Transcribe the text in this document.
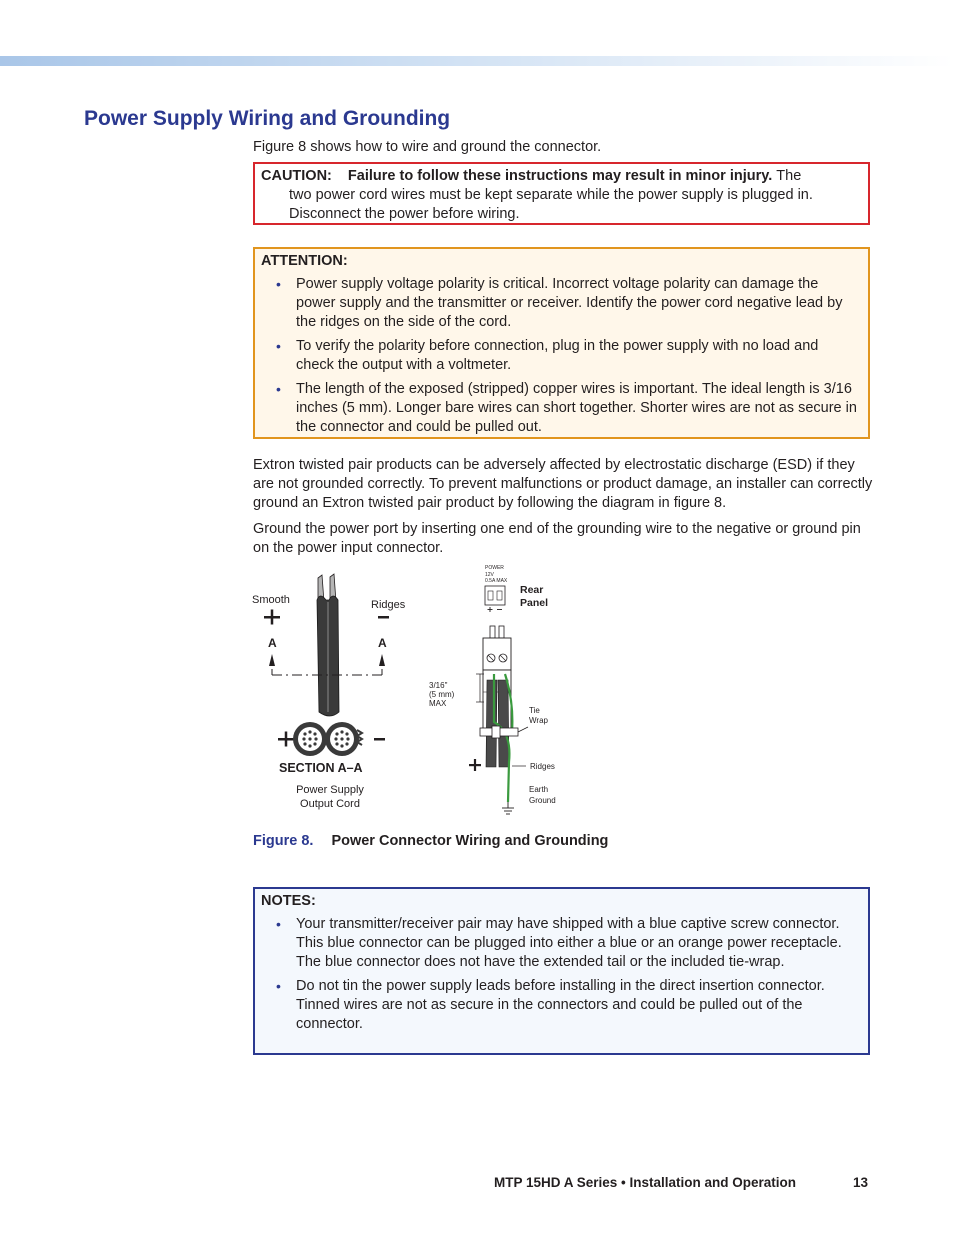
Power Supply Wiring and Grounding
Figure 8 shows how to wire and ground the connector.
CAUTION: Failure to follow these instructions may result in minor injury. The
two power cord wires must be kept separate while the power supply is plugged in. Disconnect the power before wiring.
ATTENTION:
• Power supply voltage polarity is critical. Incorrect voltage polarity can damage the power supply and the transmitter or receiver. Identify the power cord negative lead by the ridges on the side of the cord.
• To verify the polarity before connection, plug in the power supply with no load and check the output with a voltmeter.
• The length of the exposed (stripped) copper wires is important. The ideal length is 3/16 inches (5 mm). Longer bare wires can short together. Shorter wires are not as secure in the connector and could be pulled out.

Extron twisted pair products can be adversely affected by electrostatic discharge (ESD) if they are not grounded correctly. To prevent malfunctions or product damage, an installer can correctly ground an Extron twisted pair product by following the diagram in figure 8.

Ground the power port by inserting one end of the grounding wire to the negative or ground pin on the power input connector.

Smooth	Ridges
A	A
SECTION A–A
Power Supply
Output Cord
POWER
12V
0.5A MAX
Rear
Panel
3/16"
(5 mm)
MAX
Tie
Wrap
Ridges
Earth
Ground
Figure 8. Power Connector Wiring and Grounding
NOTES:
• Your transmitter/receiver pair may have shipped with a blue captive screw connector. This blue connector can be plugged into either a blue or an orange power receptacle. The blue connector does not have the extended tail or the included tie-wrap.
• Do not tin the power supply leads before installing in the direct insertion connector. Tinned wires are not as secure in the connectors and could be pulled out of the connector.
MTP 15HD A Series • Installation and Operation	13
